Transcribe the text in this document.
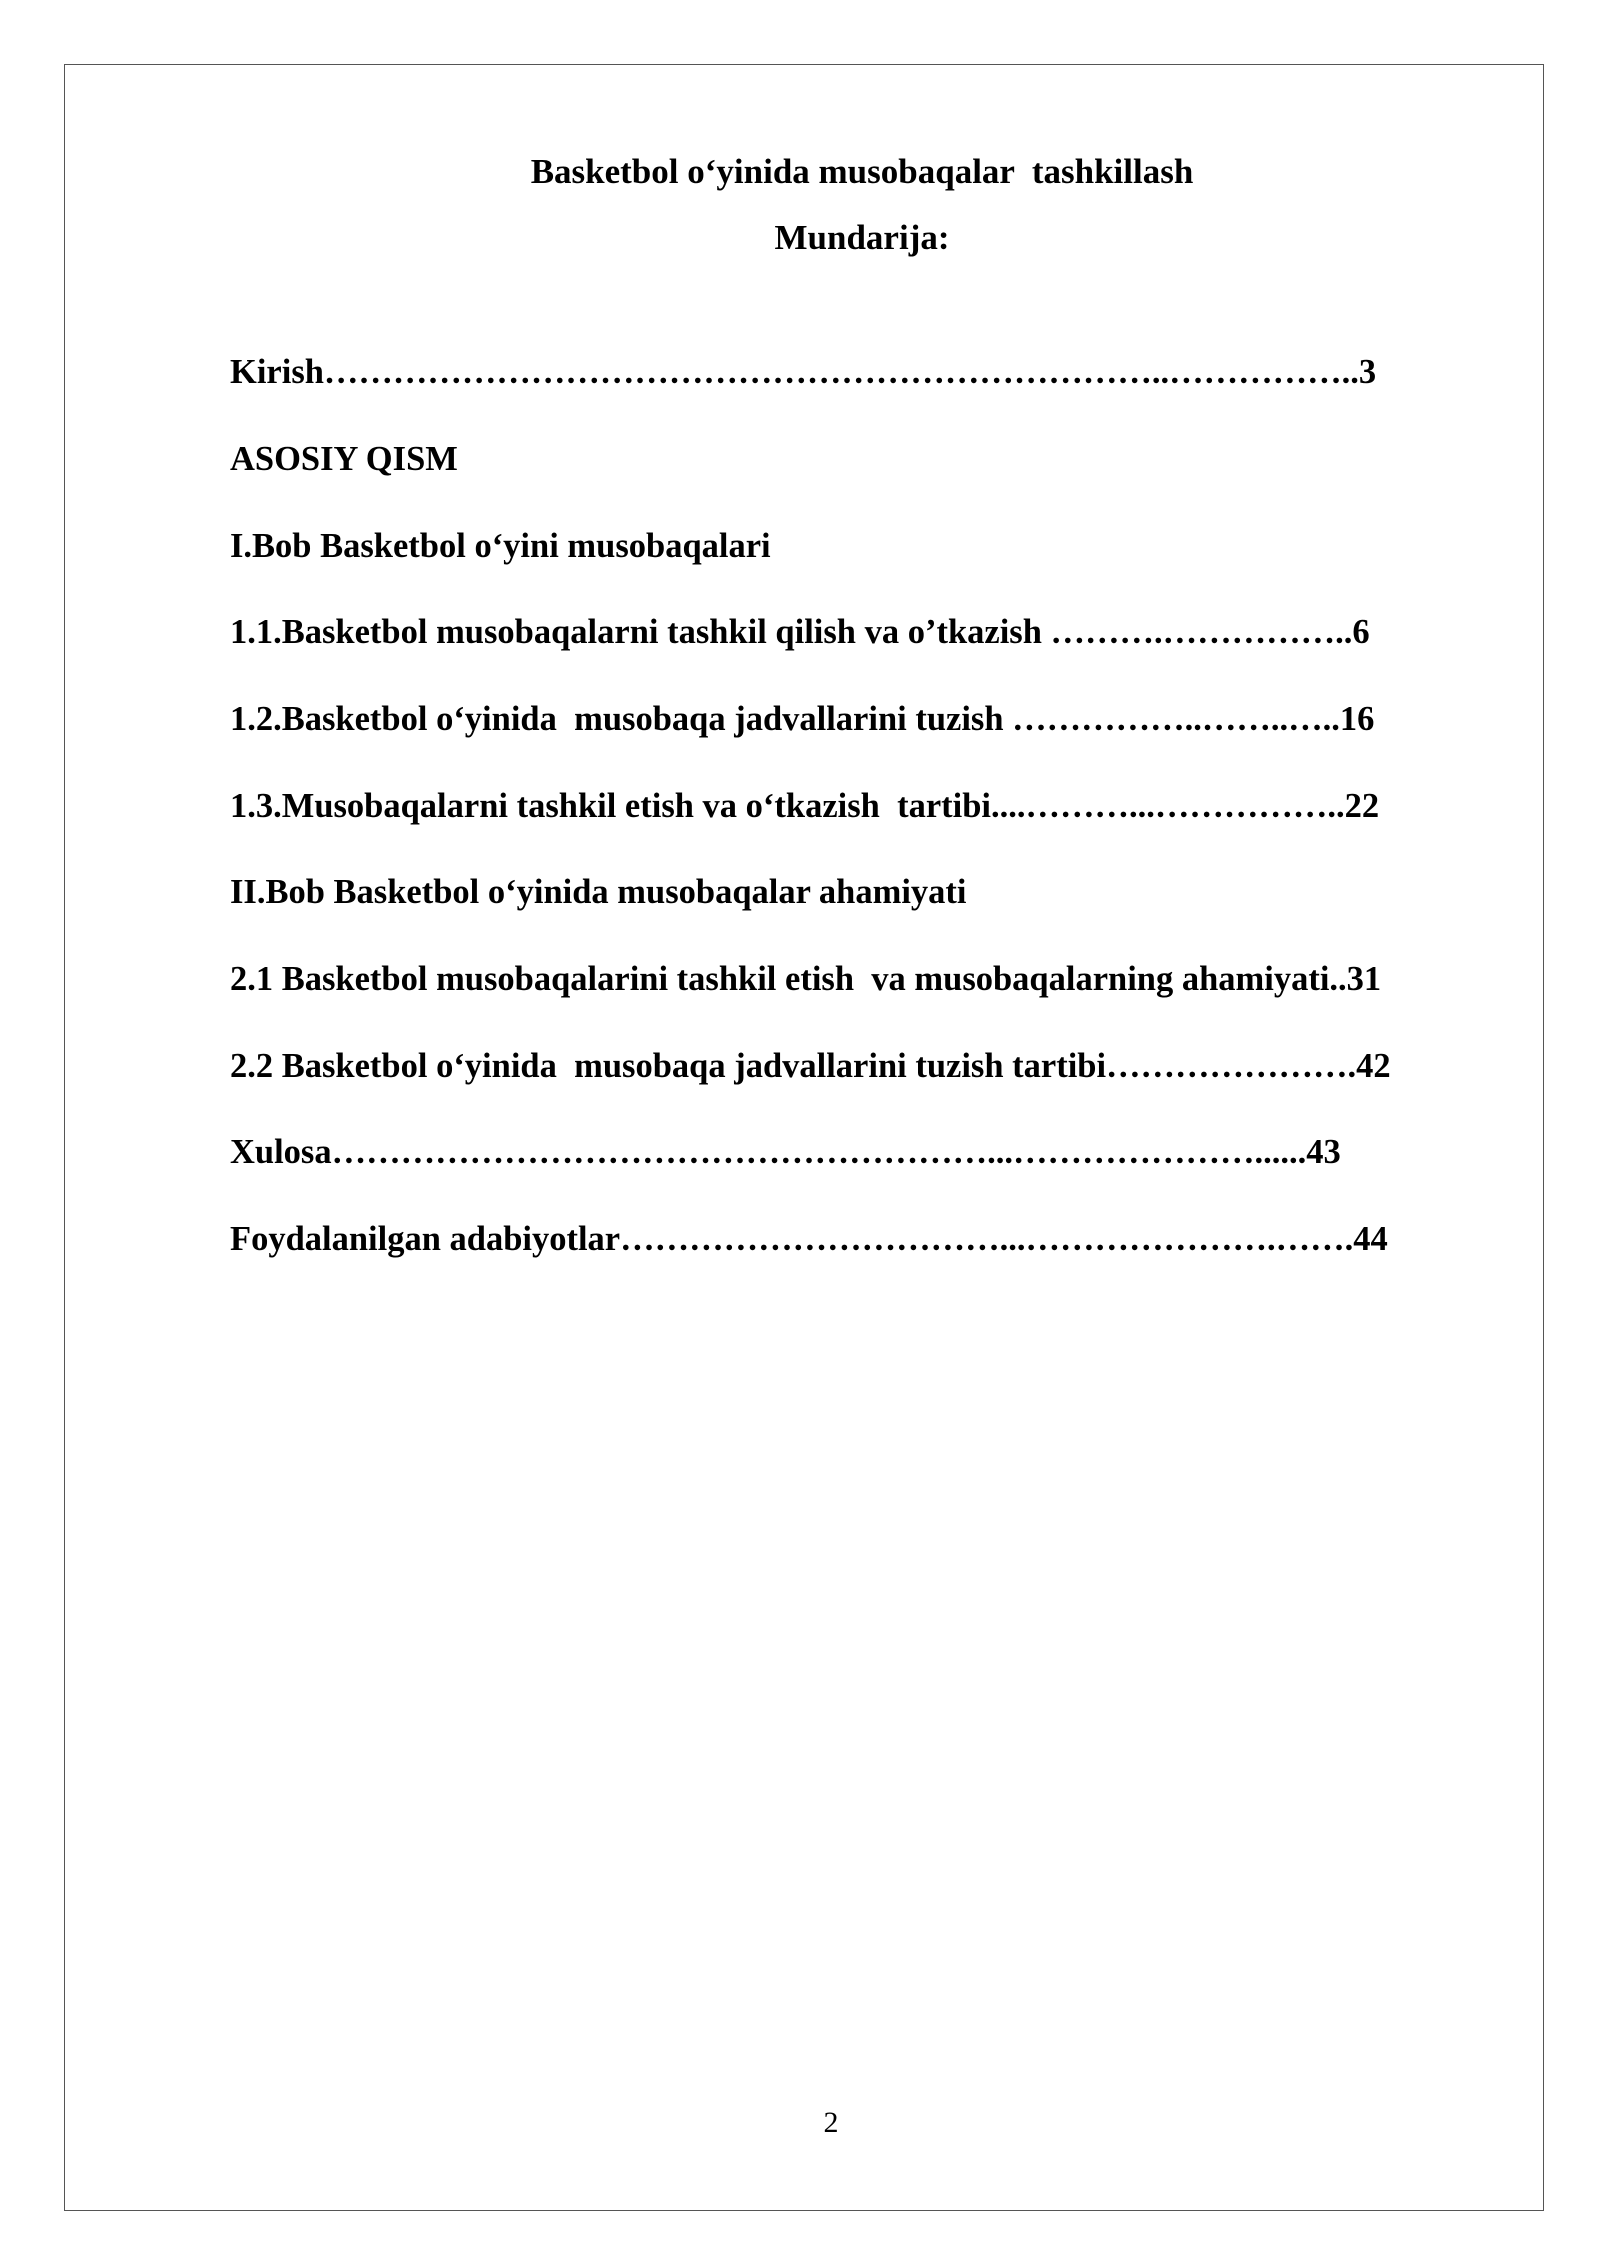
Basketbol o‘yinida musobaqalar  tashkillash
Mundarija:
Kirish………………………………………………………………..……………..3
ASOSIY QISM
I.Bob Basketbol o‘yini musobaqalari
1.1.Basketbol musobaqalarni tashkil qilish va o’tkazish ……….……………..6
1.2.Basketbol o‘yinida  musobaqa jadvallarini tuzish ……………..……..…..16
1.3.Musobaqalarni tashkil etish va o‘tkazish  tartibi....………...……………..22
II.Bob Basketbol o‘yinida musobaqalar ahamiyati
2.1 Basketbol musobaqalarini tashkil etish  va musobaqalarning ahamiyati..31
2.2 Basketbol o‘yinida  musobaqa jadvallarini tuzish tartibi………………….42
Xulosa…………………………………………………...…………………......43
Foydalanilgan adabiyotlar……………………………...………………….…….44
2
